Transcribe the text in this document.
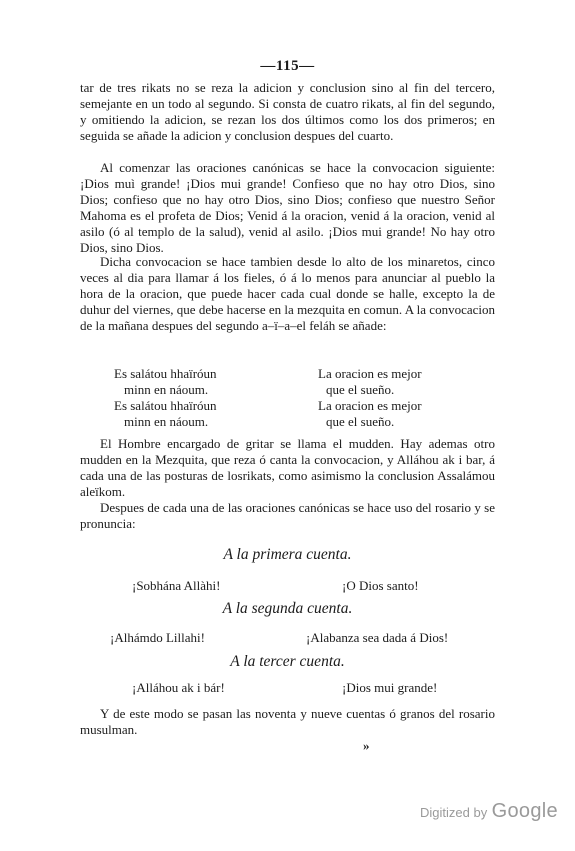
—115—

tar de tres rikats no se reza la adicion y conclusion sino al fin del tercero, semejante en un todo al segundo. Si consta de cuatro rikats, al fin del segundo, y omitiendo la adicion, se rezan los dos últimos como los dos primeros; en seguida se añade la adicion y conclusion despues del cuarto.

Al comenzar las oraciones canónicas se hace la convocacion siguiente: ¡Dios muì grande! ¡Dios mui grande! Confieso que no hay otro Dios, sino Dios; confieso que no hay otro Dios, sino Dios; confieso que nuestro Señor Mahoma es el profeta de Dios; Venid á la oracion, venid á la oracion, venid al asilo (ó al templo de la salud), venid al asilo. ¡Dios mui grande! No hay otro Dios, sino Dios.

Dicha convocacion se hace tambien desde lo alto de los minaretos, cinco veces al dia para llamar á los fieles, ó á lo menos para anunciar al pueblo la hora de la oracion, que puede hacer cada cual donde se halle, excepto la de duhur del viernes, que debe hacerse en la mezquita en comun. A la convocacion de la mañana despues del segundo a–ï–a–el feláh se añade:

Es salátou hhaïróun	La oracion es mejor
minn en náoum.	que el sueño.
Es salátou hhaïróun	La oracion es mejor
minn en náoum.	que el sueño.

El Hombre encargado de gritar se llama el mudden. Hay ademas otro mudden en la Mezquita, que reza ó canta la convocacion, y Alláhou ak i bar, á cada una de las posturas de losrikats, como asimismo la conclusion Assalámou aleïkom.

Despues de cada una de las oraciones canónicas se hace uso del rosario y se pronuncia:

A la primera cuenta.
¡Sobhána Allàhi!	¡O Dios santo!
A la segunda cuenta.
¡Alhámdo Lillahi!	¡Alabanza sea dada á Dios!
A la tercer cuenta.
¡Alláhou ak i bár!	¡Dios mui grande!

Y de este modo se pasan las noventa y nueve cuentas ó granos del rosario musulman.

»
Digitized by Google
